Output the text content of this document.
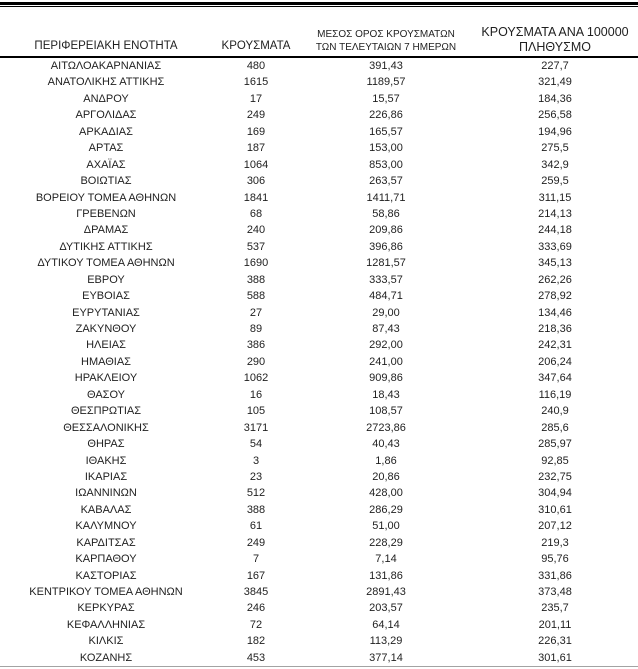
ΠΕΡΙΦΕΡΕΙΑΚΗ ΕΝΟΤΗΤΑ	ΚΡΟΥΣΜΑΤΑ	ΜΕΣΟΣ ΟΡΟΣ ΚΡΟΥΣΜΑΤΩΝ
ΤΩΝ ΤΕΛΕΥΤΑΙΩΝ 7 ΗΜΕΡΩΝ	ΚΡΟΥΣΜΑΤΑ ΑΝΑ 100000
ΠΛΗΘΥΣΜΟ

ΑΙΤΩΛΟΑΚΑΡΝΑΝΙΑΣ	480	391,43	227,7
ΑΝΑΤΟΛΙΚΗΣ ΑΤΤΙΚΗΣ	1615	1189,57	321,49
ΑΝΔΡΟΥ	17	15,57	184,36
ΑΡΓΟΛΙΔΑΣ	249	226,86	256,58
ΑΡΚΑΔΙΑΣ	169	165,57	194,96
ΑΡΤΑΣ	187	153,00	275,5
ΑΧΑΪΑΣ	1064	853,00	342,9
ΒΟΙΩΤΙΑΣ	306	263,57	259,5
ΒΟΡΕΙΟΥ ΤΟΜΕΑ ΑΘΗΝΩΝ	1841	1411,71	311,15
ΓΡΕΒΕΝΩΝ	68	58,86	214,13
ΔΡΑΜΑΣ	240	209,86	244,18
ΔΥΤΙΚΗΣ ΑΤΤΙΚΗΣ	537	396,86	333,69
ΔΥΤΙΚΟΥ ΤΟΜΕΑ ΑΘΗΝΩΝ	1690	1281,57	345,13
ΕΒΡΟΥ	388	333,57	262,26
ΕΥΒΟΙΑΣ	588	484,71	278,92
ΕΥΡΥΤΑΝΙΑΣ	27	29,00	134,46
ΖΑΚΥΝΘΟΥ	89	87,43	218,36
ΗΛΕΙΑΣ	386	292,00	242,31
ΗΜΑΘΙΑΣ	290	241,00	206,24
ΗΡΑΚΛΕΙΟΥ	1062	909,86	347,64
ΘΑΣΟΥ	16	18,43	116,19
ΘΕΣΠΡΩΤΙΑΣ	105	108,57	240,9
ΘΕΣΣΑΛΟΝΙΚΗΣ	3171	2723,86	285,6
ΘΗΡΑΣ	54	40,43	285,97
ΙΘΑΚΗΣ	3	1,86	92,85
ΙΚΑΡΙΑΣ	23	20,86	232,75
ΙΩΑΝΝΙΝΩΝ	512	428,00	304,94
ΚΑΒΑΛΑΣ	388	286,29	310,61
ΚΑΛΥΜΝΟΥ	61	51,00	207,12
ΚΑΡΔΙΤΣΑΣ	249	228,29	219,3
ΚΑΡΠΑΘΟΥ	7	7,14	95,76
ΚΑΣΤΟΡΙΑΣ	167	131,86	331,86
ΚΕΝΤΡΙΚΟΥ ΤΟΜΕΑ ΑΘΗΝΩΝ	3845	2891,43	373,48
ΚΕΡΚΥΡΑΣ	246	203,57	235,7
ΚΕΦΑΛΛΗΝΙΑΣ	72	64,14	201,11
ΚΙΛΚΙΣ	182	113,29	226,31
ΚΟΖΑΝΗΣ	453	377,14	301,61
